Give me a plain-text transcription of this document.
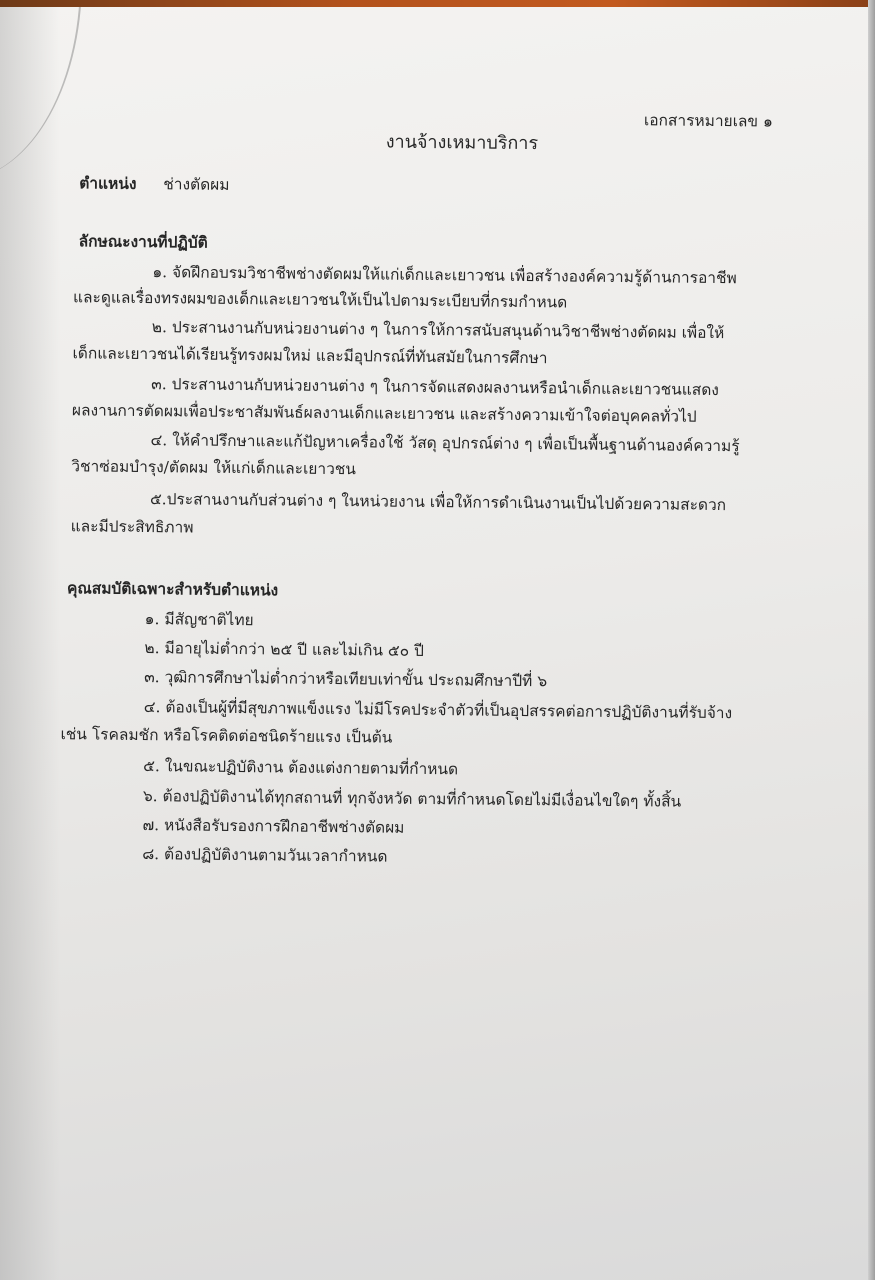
เอกสารหมายเลข ๑
งานจ้างเหมาบริการ
ตำแหน่ง ช่างตัดผม
ลักษณะงานที่ปฏิบัติ
๑. จัดฝึกอบรมวิชาชีพช่างตัดผมให้แก่เด็กและเยาวชน เพื่อสร้างองค์ความรู้ด้านการอาชีพ
และดูแลเรื่องทรงผมของเด็กและเยาวชนให้เป็นไปตามระเบียบที่กรมกำหนด
๒. ประสานงานกับหน่วยงานต่าง ๆ ในการให้การสนับสนุนด้านวิชาชีพช่างตัดผม เพื่อให้
เด็กและเยาวชนได้เรียนรู้ทรงผมใหม่ และมีอุปกรณ์ที่ทันสมัยในการศึกษา
๓. ประสานงานกับหน่วยงานต่าง ๆ ในการจัดแสดงผลงานหรือนำเด็กและเยาวชนแสดง
ผลงานการตัดผมเพื่อประชาสัมพันธ์ผลงานเด็กและเยาวชน และสร้างความเข้าใจต่อบุคคลทั่วไป
๔. ให้คำปรึกษาและแก้ปัญหาเครื่องใช้ วัสดุ อุปกรณ์ต่าง ๆ เพื่อเป็นพื้นฐานด้านองค์ความรู้
วิชาซ่อมบำรุง/ตัดผม ให้แก่เด็กและเยาวชน
๕.ประสานงานกับส่วนต่าง ๆ ในหน่วยงาน เพื่อให้การดำเนินงานเป็นไปด้วยความสะดวก
และมีประสิทธิภาพ
คุณสมบัติเฉพาะสำหรับตำแหน่ง
๑. มีสัญชาติไทย
๒. มีอายุไม่ต่ำกว่า ๒๕ ปี และไม่เกิน ๕๐ ปี
๓. วุฒิการศึกษาไม่ต่ำกว่าหรือเทียบเท่าขั้น ประถมศึกษาปีที่ ๖
๔. ต้องเป็นผู้ที่มีสุขภาพแข็งแรง ไม่มีโรคประจำตัวที่เป็นอุปสรรคต่อการปฏิบัติงานที่รับจ้าง
เช่น โรคลมชัก หรือโรคติดต่อชนิดร้ายแรง เป็นต้น
๕. ในขณะปฏิบัติงาน ต้องแต่งกายตามที่กำหนด
๖. ต้องปฏิบัติงานได้ทุกสถานที่ ทุกจังหวัด ตามที่กำหนดโดยไม่มีเงื่อนไขใดๆ ทั้งสิ้น
๗. หนังสือรับรองการฝึกอาชีพช่างตัดผม
๘. ต้องปฏิบัติงานตามวันเวลากำหนด
